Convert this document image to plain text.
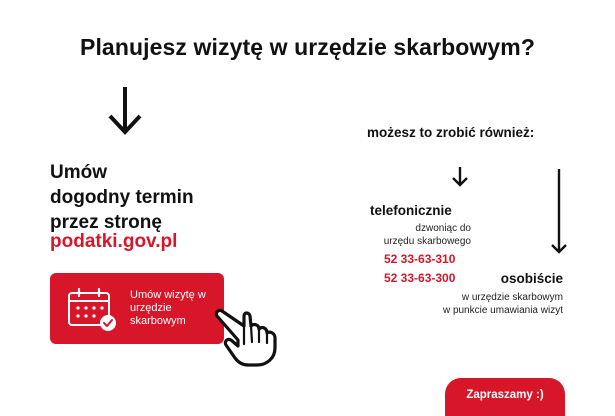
Planujesz wizytę w urzędzie skarbowym?
Umów
dogodny termin
przez stronę
podatki.gov.pl
Umów wizytę w urzędzie skarbowym
możesz to zrobić również:
telefonicznie
dzwoniąc do
urzędu skarbowego
52 33-63-310
52 33-63-300	osobiście
w urzędzie skarbowym
w punkcie umawiania wizyt
Zapraszamy :)
